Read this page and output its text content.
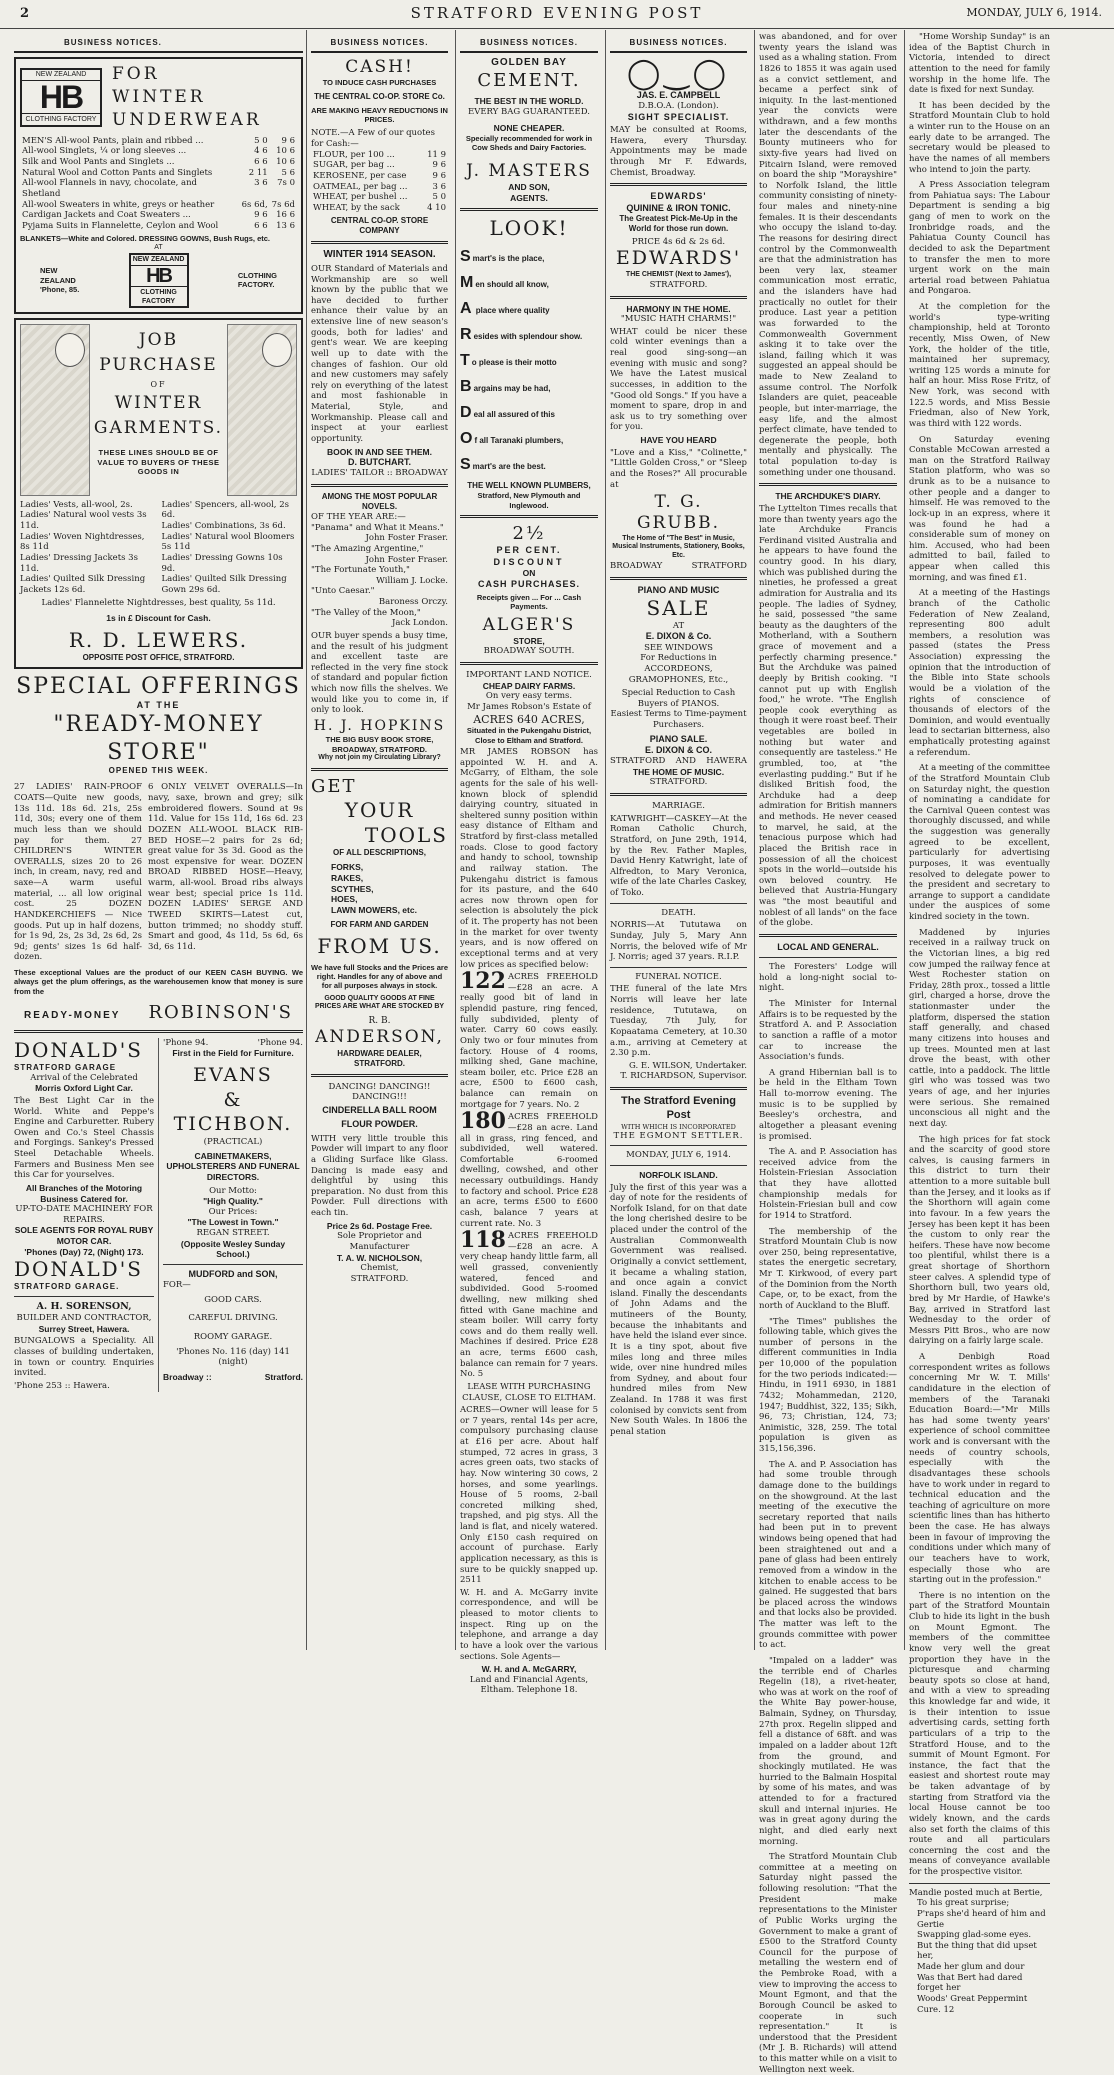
2	STRATFORD EVENING POST	MONDAY, JULY 6, 1914.
BUSINESS NOTICES.
NEW ZEALAND
HB
CLOTHING FACTORY
FOR
WINTER
UNDERWEAR
MEN'S All-wool Pants, plain and ribbed ...	5 0	9 6
All-wool Singlets, ¼ or long sleeves ...	4 6	10 6
Silk and Wool Pants and Singlets ...	6 6	10 6
Natural Wool and Cotton Pants and Singlets	2 11	5 6
All-wool Flannels in navy, chocolate, and Shetland	3 6	7s 0
All-wool Sweaters in white, greys or heather	6s 6d,	7s 6d
Cardigan Jackets and Coat Sweaters ...	9 6	16 6
Pyjama Suits in Flannelette, Ceylon and Wool	6 6	13 6
BLANKETS—White and Colored. DRESSING GOWNS, Bush Rugs, etc.
AT
NEW
ZEALAND
'Phone, 85.
NEW ZEALAND
HB
CLOTHING FACTORY
CLOTHING
FACTORY.
JOB
PURCHASE
OF
WINTER
GARMENTS.
THESE LINES SHOULD BE OF VALUE TO BUYERS OF THESE GOODS IN
Ladies' Vests, all-wool, 2s.
Ladies' Natural wool vests 3s 11d.
Ladies' Woven Nightdresses, 8s 11d
Ladies' Dressing Jackets 3s 11d.
Ladies' Quilted Silk Dressing Jackets 12s 6d.
Ladies' Spencers, all-wool, 2s 6d.
Ladies' Combinations, 3s 6d.
Ladies' Natural wool Bloomers 5s 11d
Ladies' Dressing Gowns 10s 9d.
Ladies' Quilted Silk Dressing Gown 29s 6d.
Ladies' Flannelette Nightdresses, best quality, 5s 11d.
1s in £ Discount for Cash.
R. D. LEWERS.
OPPOSITE POST OFFICE, STRATFORD.
SPECIAL OFFERINGS
AT THE
"READY-MONEY STORE"
OPENED THIS WEEK.

27 LADIES' RAIN-PROOF COATS—Quite new goods, 13s 11d. 18s 6d. 21s, 25s 11d, 30s; every one of them much less than we should pay for them. 27 CHILDREN'S WINTER OVERALLS, sizes 20 to 26 inch, in cream, navy, red and saxe—A warm useful material, ... all low original cost. 25 DOZEN HANDKERCHIEFS — Nice goods. Put up in half dozens, for 1s 9d, 2s, 2s 3d, 2s 6d, 2s 9d; gents' sizes 1s 6d half-dozen.

6 ONLY VELVET OVERALLS—In navy, saxe, brown and grey; silk embroidered flowers. Sound at 9s 11d. Value for 15s 11d, 16s 6d. 23 DOZEN ALL-WOOL BLACK RIB-BED HOSE—2 pairs for 2s 6d; great value for 3s 3d. Good as the most expensive for wear. DOZEN BROAD RIBBED HOSE—Heavy, warm, all-wool. Broad ribs always wear best; special price 1s 11d. DOZEN LADIES' SERGE AND TWEED SKIRTS—Latest cut, button trimmed; no shoddy stuff. Smart and good, 4s 11d, 5s 6d, 6s 3d, 6s 11d.

These exceptional Values are the product of our KEEN CASH BUYING. We always get the plum offerings, as the warehousemen know that money is sure from the

READY-MONEY ROBINSON'S
DONALD'S
STRATFORD GARAGE
Arrival of the Celebrated
Morris Oxford Light Car.

The Best Light Car in the World. White and Peppe's Engine and Carburetter. Rubery Owen and Co.'s Steel Chassis and Forgings. Sankey's Pressed Steel Detachable Wheels. Farmers and Business Men see this Car for yourselves.

All Branches of the Motoring Business Catered for.
UP-TO-DATE MACHINERY FOR REPAIRS.
SOLE AGENTS FOR ROYAL RUBY MOTOR CAR.
'Phones (Day) 72, (Night) 173.
DONALD'S
STRATFORD GARAGE.
A. H. SORENSON,
BUILDER AND CONTRACTOR,
Surrey Street, Hawera.

BUNGALOWS a Speciality. All classes of building undertaken, in town or country. Enquiries invited.

'Phone 253 :: Hawera.
'Phone 94.	'Phone 94.
First in the Field for Furniture.
EVANS
&
TICHBON.
(PRACTICAL)
CABINETMAKERS, UPHOLSTERERS AND FUNERAL DIRECTORS.
Our Motto:
"High Quality."
Our Prices:
"The Lowest in Town."
REGAN STREET.
(Opposite Wesley Sunday School.)
MUDFORD and SON,
FOR—
GOOD CARS.
CAREFUL DRIVING.
ROOMY GARAGE.
'Phones No. 116 (day) 141 (night)
Broadway ::	Stratford.
BUSINESS NOTICES.
CASH!
TO INDUCE CASH PURCHASES
THE CENTRAL CO-OP. STORE Co.
ARE MAKING HEAVY REDUCTIONS IN PRICES.
NOTE.—A Few of our quotes for Cash:—
FLOUR, per 100 ...	11 9
SUGAR, per bag ...	9 6
KEROSENE, per case	9 6
OATMEAL, per bag ...	3 6
WHEAT, per bushel ...	5 0
WHEAT, by the sack	4 10
CENTRAL CO-OP. STORE COMPANY
WINTER 1914 SEASON.

OUR Standard of Materials and Workmanship are so well known by the public that we have decided to further enhance their value by an extensive line of new season's goods, both for ladies' and gent's wear. We are keeping well up to date with the changes of fashion. Our old and new customers may safely rely on everything of the latest and most fashionable in Material, Style, and Workmanship. Please call and inspect at your earliest opportunity.

BOOK IN AND SEE THEM.
D. BUTCHART.
LADIES' TAILOR :: BROADWAY
AMONG THE MOST POPULAR NOVELS.
OF THE YEAR ARE:—
"Panama" and What it Means."
John Foster Fraser.
"The Amazing Argentine,"
John Foster Fraser.
"The Fortunate Youth,"
William J. Locke.
"Unto Caesar."
Baroness Orczy.
"The Valley of the Moon,"
Jack London.

OUR buyer spends a busy time, and the result of his judgment and excellent taste are reflected in the very fine stock of standard and popular fiction which now fills the shelves. We would like you to come in, if only to look.

H. J. HOPKINS
THE BIG BUSY BOOK STORE,
BROADWAY, STRATFORD.
Why not join my Circulating Library?
GET
YOUR
TOOLS
OF ALL DESCRIPTIONS,
FORKS,
RAKES,
SCYTHES,
HOES,
LAWN MOWERS, etc.
FOR FARM AND GARDEN
FROM US.
We have full Stocks and the Prices are right. Handles for any of above and for all purposes always in stock.
GOOD QUALITY GOODS AT FINE PRICES ARE WHAT ARE STOCKED BY
R. B.
ANDERSON,
HARDWARE DEALER,
STRATFORD.
DANCING! DANCING!! DANCING!!!
CINDERELLA BALL ROOM FLOUR POWDER.

WITH very little trouble this Powder will impart to any floor a Gliding Surface like Glass. Dancing is made easy and delightful by using this preparation. No dust from this Powder. Full directions with each tin.

Price 2s 6d. Postage Free.
Sole Proprietor and Manufacturer
T. A. W. NICHOLSON,
Chemist,
STRATFORD.
BUSINESS NOTICES.
GOLDEN BAY
CEMENT.
THE BEST IN THE WORLD.
EVERY BAG GUARANTEED.
NONE CHEAPER.
Specially recommended for work in Cow Sheds and Dairy Factories.
J. MASTERS
AND SON,
AGENTS.
LOOK!
Smart's is the place,
Men should all know,
A place where quality
Resides with splendour show.
To please is their motto
Bargains may be had,
Deal all assured of this
Of all Taranaki plumbers,
Smart's are the best.
THE WELL KNOWN PLUMBERS,
Stratford, New Plymouth and Inglewood.
2½
PER CENT.
DISCOUNT
ON
CASH PURCHASES.
Receipts given ... For ... Cash Payments.
ALGER'S
STORE,
BROADWAY SOUTH.
IMPORTANT LAND NOTICE.
CHEAP DAIRY FARMS.
On very easy terms.
Mr James Robson's Estate of
ACRES 640 ACRES,
Situated in the Pukengahu District, Close to Eltham and Stratford.

MR JAMES ROBSON has appointed W. H. and A. McGarry, of Eltham, the sole agents for the sale of his well-known block of splendid dairying country, situated in sheltered sunny position within easy distance of Eltham and Stratford by first-class metalled roads. Close to good factory and handy to school, township and railway station. The Pukengahu district is famous for its pasture, and the 640 acres now thrown open for selection is absolutely the pick of it. The property has not been in the market for over twenty years, and is now offered on exceptional terms and at very low prices as specified below:

122 ACRES FREEHOLD—£28 an acre. A really good bit of land in splendid pasture, ring fenced, fully subdivided, plenty of water. Carry 60 cows easily. Only two or four minutes from factory. House of 4 rooms, milking shed, Gane machine, steam boiler, etc. Price £28 an acre, £500 to £600 cash, balance can remain on mortgage for 7 years. No. 2

180 ACRES FREEHOLD—£28 an acre. Land all in grass, ring fenced, and subdivided, well watered. Comfortable 6-roomed dwelling, cowshed, and other necessary outbuildings. Handy to factory and school. Price £28 an acre, terms £500 to £600 cash, balance 7 years at current rate. No. 3

118 ACRES FREEHOLD—£28 an acre. A very cheap handy little farm, all well grassed, conveniently watered, fenced and subdivided. Good 5-roomed dwelling, new milking shed fitted with Gane machine and steam boiler. Will carry forty cows and do them really well. Machines if desired. Price £28 an acre, terms £600 cash, balance can remain for 7 years. No. 5

LEASE WITH PURCHASING CLAUSE, CLOSE TO ELTHAM.

ACRES—Owner will lease for 5 or 7 years, rental 14s per acre, compulsory purchasing clause at £16 per acre. About half stumped, 72 acres in grass, 3 acres green oats, two stacks of hay. Now wintering 30 cows, 2 horses, and some yearlings. House of 5 rooms, 2-bail concreted milking shed, trapshed, and pig stys. All the land is flat, and nicely watered. Only £150 cash required on account of purchase. Early application necessary, as this is sure to be quickly snapped up. 2511

W. H. and A. McGarry invite correspondence, and will be pleased to motor clients to inspect. Ring up on the telephone, and arrange a day to have a look over the various sections. Sole Agents—

W. H. and A. McGARRY,
Land and Financial Agents, Eltham. Telephone 18.
BUSINESS NOTICES.
◯‿◯
JAS. E. CAMPBELL
D.B.O.A. (London).
SIGHT SPECIALIST.

MAY be consulted at Rooms, Hawera, every Thursday. Appointments may be made through Mr F. Edwards, Chemist, Broadway.

EDWARDS'
QUININE & IRON TONIC.
The Greatest Pick-Me-Up in the World for those run down.
PRICE 4s 6d & 2s 6d.
EDWARDS'
THE CHEMIST (Next to James'),
STRATFORD.
HARMONY IN THE HOME.
"MUSIC HATH CHARMS!"

WHAT could be nicer these cold winter evenings than a real good sing-song—an evening with music and song? We have the Latest musical successes, in addition to the "Good old Songs." If you have a moment to spare, drop in and ask us to try something over for you.

HAVE YOU HEARD

"Love and a Kiss," "Colinette," "Little Golden Cross," or "Sleep and the Roses?" All procurable at

T. G. GRUBB.
The Home of "The Best" in Music, Musical Instruments, Stationery, Books, Etc.
BROADWAY	STRATFORD
PIANO AND MUSIC
SALE
AT
E. DIXON & Co.
SEE WINDOWS
For Reductions in ACCORDEONS, GRAMOPHONES, Etc.,
Special Reduction to Cash Buyers of PIANOS.
Easiest Terms to Time-payment Purchasers.
PIANO SALE.
E. DIXON & CO.
STRATFORD AND HAWERA
THE HOME OF MUSIC.
STRATFORD.
MARRIAGE.

KATWRIGHT—CASKEY—At the Roman Catholic Church, Stratford, on June 29th, 1914, by the Rev. Father Maples, David Henry Katwright, late of Alfredton, to Mary Veronica, wife of the late Charles Caskey, of Toko.

DEATH.

NORRIS—At Tututawa on Sunday, July 5, Mary Ann Norris, the beloved wife of Mr J. Norris; aged 37 years. R.I.P.

FUNERAL NOTICE.

THE funeral of the late Mrs Norris will leave her late residence, Tututawa, on Tuesday, 7th July, for Kopaatama Cemetery, at 10.30 a.m., arriving at Cemetery at 2.30 p.m.

G. E. WILSON, Undertaker.
T. RICHARDSON, Supervisor.
The Stratford Evening Post
WITH WHICH IS INCORPORATED
THE EGMONT SETTLER.
MONDAY, JULY 6, 1914.
NORFOLK ISLAND.

July the first of this year was a day of note for the residents of Norfolk Island, for on that date the long cherished desire to be placed under the control of the Australian Commonwealth Government was realised. Originally a convict settlement, it became a whaling station, and once again a convict island. Finally the descendants of John Adams and the mutineers of the Bounty, because the inhabitants and have held the island ever since. It is a tiny spot, about five miles long and three miles wide, over nine hundred miles from Sydney, and about four hundred miles from New Zealand. In 1788 it was first colonised by convicts sent from New South Wales. In 1806 the penal station

was abandoned, and for over twenty years the island was used as a whaling station. From 1826 to 1855 it was again used as a convict settlement, and became a perfect sink of iniquity. In the last-mentioned year the convicts were withdrawn, and a few months later the descendants of the Bounty mutineers who for sixty-five years had lived on Pitcairn Island, were removed on board the ship "Morayshire" to Norfolk Island, the little community consisting of ninety-four males and ninety-nine females. It is their descendants who occupy the island to-day. The reasons for desiring direct control by the Commonwealth are that the administration has been very lax, steamer communication most erratic, and the islanders have had practically no outlet for their produce. Last year a petition was forwarded to the Commonwealth Government asking it to take over the island, failing which it was suggested an appeal should be made to New Zealand to assume control. The Norfolk Islanders are quiet, peaceable people, but inter-marriage, the easy life, and the almost perfect climate, have tended to degenerate the people, both mentally and physically. The total population to-day is something under one thousand.

THE ARCHDUKE'S DIARY.

The Lyttelton Times recalls that more than twenty years ago the late Archduke Francis Ferdinand visited Australia and he appears to have found the country good. In his diary, which was published during the nineties, he professed a great admiration for Australia and its people. The ladies of Sydney, he said, possessed "the same beauty as the daughters of the Motherland, with a Southern grace of movement and a perfectly charming presence." But the Archduke was pained deeply by British cooking. "I cannot put up with English food," he wrote. "The English people cook everything as though it were roast beef. Their vegetables are boiled in nothing but water and consequently are tasteless." He grumbled, too, at "the everlasting pudding." But if he disliked British food, the Archduke had a deep admiration for British manners and methods. He never ceased to marvel, he said, at the tenacious purpose which had placed the British race in possession of all the choicest spots in the world—outside his own beloved country. He believed that Austria-Hungary was "the most beautiful and noblest of all lands" on the face of the globe.

LOCAL AND GENERAL.

The Foresters' Lodge will hold a long-night social to-night.

The Minister for Internal Affairs is to be requested by the Stratford A. and P. Association to sanction a raffle of a motor car to increase the Association's funds.

A grand Hibernian ball is to be held in the Eltham Town Hall to-morrow evening. The music is to be supplied by Beesley's orchestra, and altogether a pleasant evening is promised.

The A. and P. Association has received advice from the Holstein-Friesian Association that they have allotted championship medals for Holstein-Friesian bull and cow for 1914 to Stratford.

The membership of the Stratford Mountain Club is now over 250, being representative, states the energetic secretary, Mr T. Kirkwood, of every part of the Dominion from the North Cape, or, to be exact, from the north of Auckland to the Bluff.

"The Times" publishes the following table, which gives the number of persons in the different communities in India per 10,000 of the population for the two periods indicated:—Hindu, in 1911 6930, in 1881 7432; Mohammedan, 2120, 1947; Buddhist, 322, 135; Sikh, 96, 73; Christian, 124, 73; Animistic, 328, 259. The total population is given as 315,156,396.

The A. and P. Association has had some trouble through damage done to the buildings on the showground. At the last meeting of the executive the secretary reported that nails had been put in to prevent windows being opened that had been straightened out and a pane of glass had been entirely removed from a window in the kitchen to enable access to be gained. He suggested that bars be placed across the windows and that locks also be provided. The matter was left to the grounds committee with power to act.

"Impaled on a ladder" was the terrible end of Charles Regelin (18), a rivet-heater, who was at work on the roof of the White Bay power-house, Balmain, Sydney, on Thursday, 27th prox. Regelin slipped and fell a distance of 68ft. and was impaled on a ladder about 12ft from the ground, and shockingly mutilated. He was hurried to the Balmain Hospital by some of his mates, and was attended to for a fractured skull and internal injuries. He was in great agony during the night, and died early next morning.

The Stratford Mountain Club committee at a meeting on Saturday night passed the following resolution: "That the President make representations to the Minister of Public Works urging the Government to make a grant of £500 to the Stratford County Council for the purpose of metalling the western end of the Pembroke Road, with a view to improving the access to Mount Egmont, and that the Borough Council be asked to cooperate in such representation." It is understood that the President (Mr J. B. Richards) will attend to this matter while on a visit to Wellington next week.

"Home Worship Sunday" is an idea of the Baptist Church in Victoria, intended to direct attention to the need for family worship in the home life. The date is fixed for next Sunday.

It has been decided by the Stratford Mountain Club to hold a winter run to the House on an early date to be arranged. The secretary would be pleased to have the names of all members who intend to join the party.

A Press Association telegram from Pahiatua says: The Labour Department is sending a big gang of men to work on the Ironbridge roads, and the Pahiatua County Council has decided to ask the Department to transfer the men to more urgent work on the main arterial road between Pahiatua and Pongaroa.

At the completion for the world's type-writing championship, held at Toronto recently, Miss Owen, of New York, the holder of the title, maintained her supremacy, writing 125 words a minute for half an hour. Miss Rose Fritz, of New York, was second with 122.5 words, and Miss Bessie Friedman, also of New York, was third with 122 words.

On Saturday evening Constable McCowan arrested a man on the Stratford Railway Station platform, who was so drunk as to be a nuisance to other people and a danger to himself. He was removed to the lock-up in an express, where it was found he had a considerable sum of money on him. Accused, who had been admitted to bail, failed to appear when called this morning, and was fined £1.

At a meeting of the Hastings branch of the Catholic Federation of New Zealand, representing 800 adult members, a resolution was passed (states the Press Association) expressing the opinion that the introduction of the Bible into State schools would be a violation of the rights of conscience of thousands of electors of the Dominion, and would eventually lead to sectarian bitterness, also emphatically protesting against a referendum.

At a meeting of the committee of the Stratford Mountain Club on Saturday night, the question of nominating a candidate for the Carnival Queen contest was thoroughly discussed, and while the suggestion was generally agreed to be excellent, particularly for advertising purposes, it was eventually resolved to delegate power to the president and secretary to arrange to support a candidate under the auspices of some kindred society in the town.

Maddened by injuries received in a railway truck on the Victorian lines, a big red cow jumped the railway fence at West Rochester station on Friday, 28th prox., tossed a little girl, charged a horse, drove the stationmaster under the platform, dispersed the station staff generally, and chased many citizens into houses and up trees. Mounted men at last drove the beast, with other cattle, into a paddock. The little girl who was tossed was two years of age, and her injuries were serious. She remained unconscious all night and the next day.

The high prices for fat stock and the scarcity of good store calves, is causing farmers in this district to turn their attention to a more suitable bull than the Jersey, and it looks as if the Shorthorn will again come into favour. In a few years the Jersey has been kept it has been the custom to only rear the heifers. These have now become too plentiful, whilst there is a great shortage of Shorthorn steer calves. A splendid type of Shorthorn bull, two years old, bred by Mr Hardie, of Hawke's Bay, arrived in Stratford last Wednesday to the order of Messrs Pitt Bros., who are now dairying on a fairly large scale.

A Denbigh Road correspondent writes as follows concerning Mr W. T. Mills' candidature in the election of members of the Taranaki Education Board:—"Mr Mills has had some twenty years' experience of school committee work and is conversant with the needs of country schools, especially with the disadvantages these schools have to work under in regard to technical education and the teaching of agriculture on more scientific lines than has hitherto been the case. He has always been in favour of improving the conditions under which many of our teachers have to work, especially those who are starting out in the profession."

There is no intention on the part of the Stratford Mountain Club to hide its light in the bush on Mount Egmont. The members of the committee know very well the great proportion they have in the picturesque and charming beauty spots so close at hand, and with a view to spreading this knowledge far and wide, it is their intention to issue advertising cards, setting forth particulars of a trip to the Stratford House, and to the summit of Mount Egmont. For instance, the fact that the easiest and shortest route may be taken advantage of by starting from Stratford via the local House cannot be too widely known, and the cards also set forth the claims of this route and all particulars concerning the cost and the means of conveyance available for the prospective visitor.

Mandie posted much at Bertie,
To his great surprise;
P'raps she'd heard of him and Gertie
Swapping glad-some eyes.
But the thing that did upset her,
Made her glum and dour
Was that Bert had dared forget her
Woods' Great Peppermint Cure. 12
